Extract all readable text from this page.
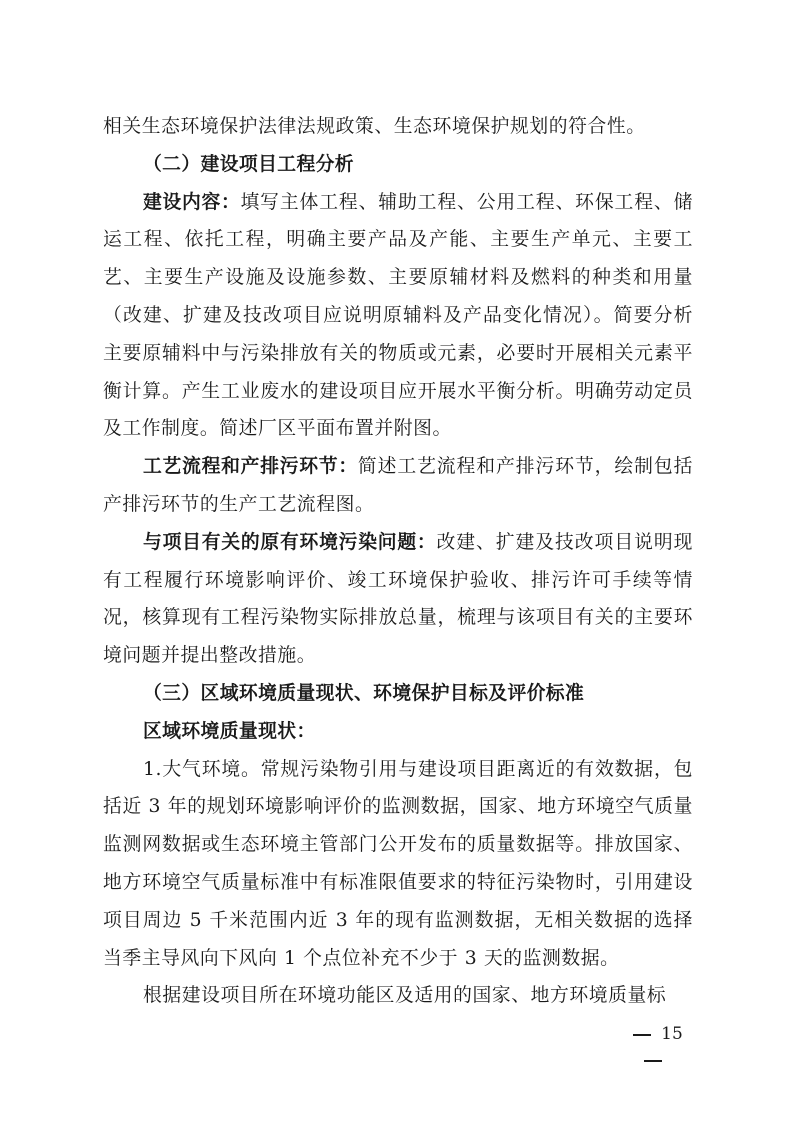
相关生态环境保护法律法规政策、生态环境保护规划的符合性。

（二）建设项目工程分析

建设内容：填写主体工程、辅助工程、公用工程、环保工程、储运工程、依托工程，明确主要产品及产能、主要生产单元、主要工艺、主要生产设施及设施参数、主要原辅材料及燃料的种类和用量（改建、扩建及技改项目应说明原辅料及产品变化情况）。简要分析主要原辅料中与污染排放有关的物质或元素，必要时开展相关元素平衡计算。产生工业废水的建设项目应开展水平衡分析。明确劳动定员及工作制度。简述厂区平面布置并附图。

工艺流程和产排污环节：简述工艺流程和产排污环节，绘制包括产排污环节的生产工艺流程图。

与项目有关的原有环境污染问题：改建、扩建及技改项目说明现有工程履行环境影响评价、竣工环境保护验收、排污许可手续等情况，核算现有工程污染物实际排放总量，梳理与该项目有关的主要环境问题并提出整改措施。

（三）区域环境质量现状、环境保护目标及评价标准

区域环境质量现状：

1.大气环境。常规污染物引用与建设项目距离近的有效数据，包括近 3 年的规划环境影响评价的监测数据，国家、地方环境空气质量监测网数据或生态环境主管部门公开发布的质量数据等。排放国家、地方环境空气质量标准中有标准限值要求的特征污染物时，引用建设项目周边 5 千米范围内近 3 年的现有监测数据，无相关数据的选择当季主导风向下风向 1 个点位补充不少于 3 天的监测数据。

根据建设项目所在环境功能区及适用的国家、地方环境质量标

15
